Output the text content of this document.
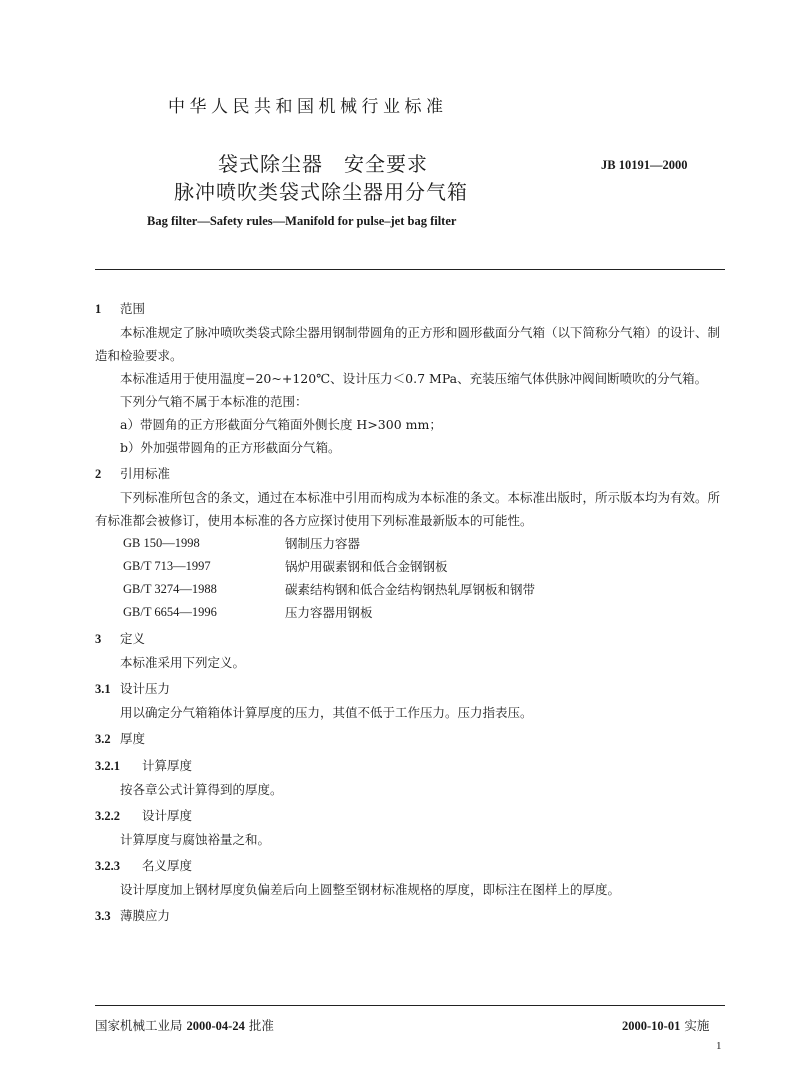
中华人民共和国机械行业标准
袋式除尘器　安全要求
脉冲喷吹类袋式除尘器用分气箱
JB 10191—2000
Bag filter—Safety rules—Manifold for pulse–jet bag filter

1 范围

本标准规定了脉冲喷吹类袋式除尘器用钢制带圆角的正方形和圆形截面分气箱（以下简称分气箱）的设计、制造和检验要求。

本标准适用于使用温度−20~+120℃、设计压力＜0.7 MPa、充装压缩气体供脉冲阀间断喷吹的分气箱。

下列分气箱不属于本标准的范围：

a）带圆角的正方形截面分气箱面外侧长度 H>300 mm；

b）外加强带圆角的正方形截面分气箱。

2 引用标准

下列标准所包含的条文，通过在本标准中引用而构成为本标准的条文。本标准出版时，所示版本均为有效。所有标准都会被修订，使用本标准的各方应探讨使用下列标准最新版本的可能性。

GB 150—1998	钢制压力容器
GB/T 713—1997	锅炉用碳素钢和低合金钢钢板
GB/T 3274—1988	碳素结构钢和低合金结构钢热轧厚钢板和钢带
GB/T 6654—1996	压力容器用钢板

3 定义

本标准采用下列定义。

3.1 设计压力

用以确定分气箱箱体计算厚度的压力，其值不低于工作压力。压力指表压。

3.2 厚度

3.2.1 计算厚度

按各章公式计算得到的厚度。

3.2.2 设计厚度

计算厚度与腐蚀裕量之和。

3.2.3 名义厚度

设计厚度加上钢材厚度负偏差后向上圆整至钢材标准规格的厚度，即标注在图样上的厚度。

3.3 薄膜应力

国家机械工业局 2000-04-24 批准	2000-10-01 实施
1
